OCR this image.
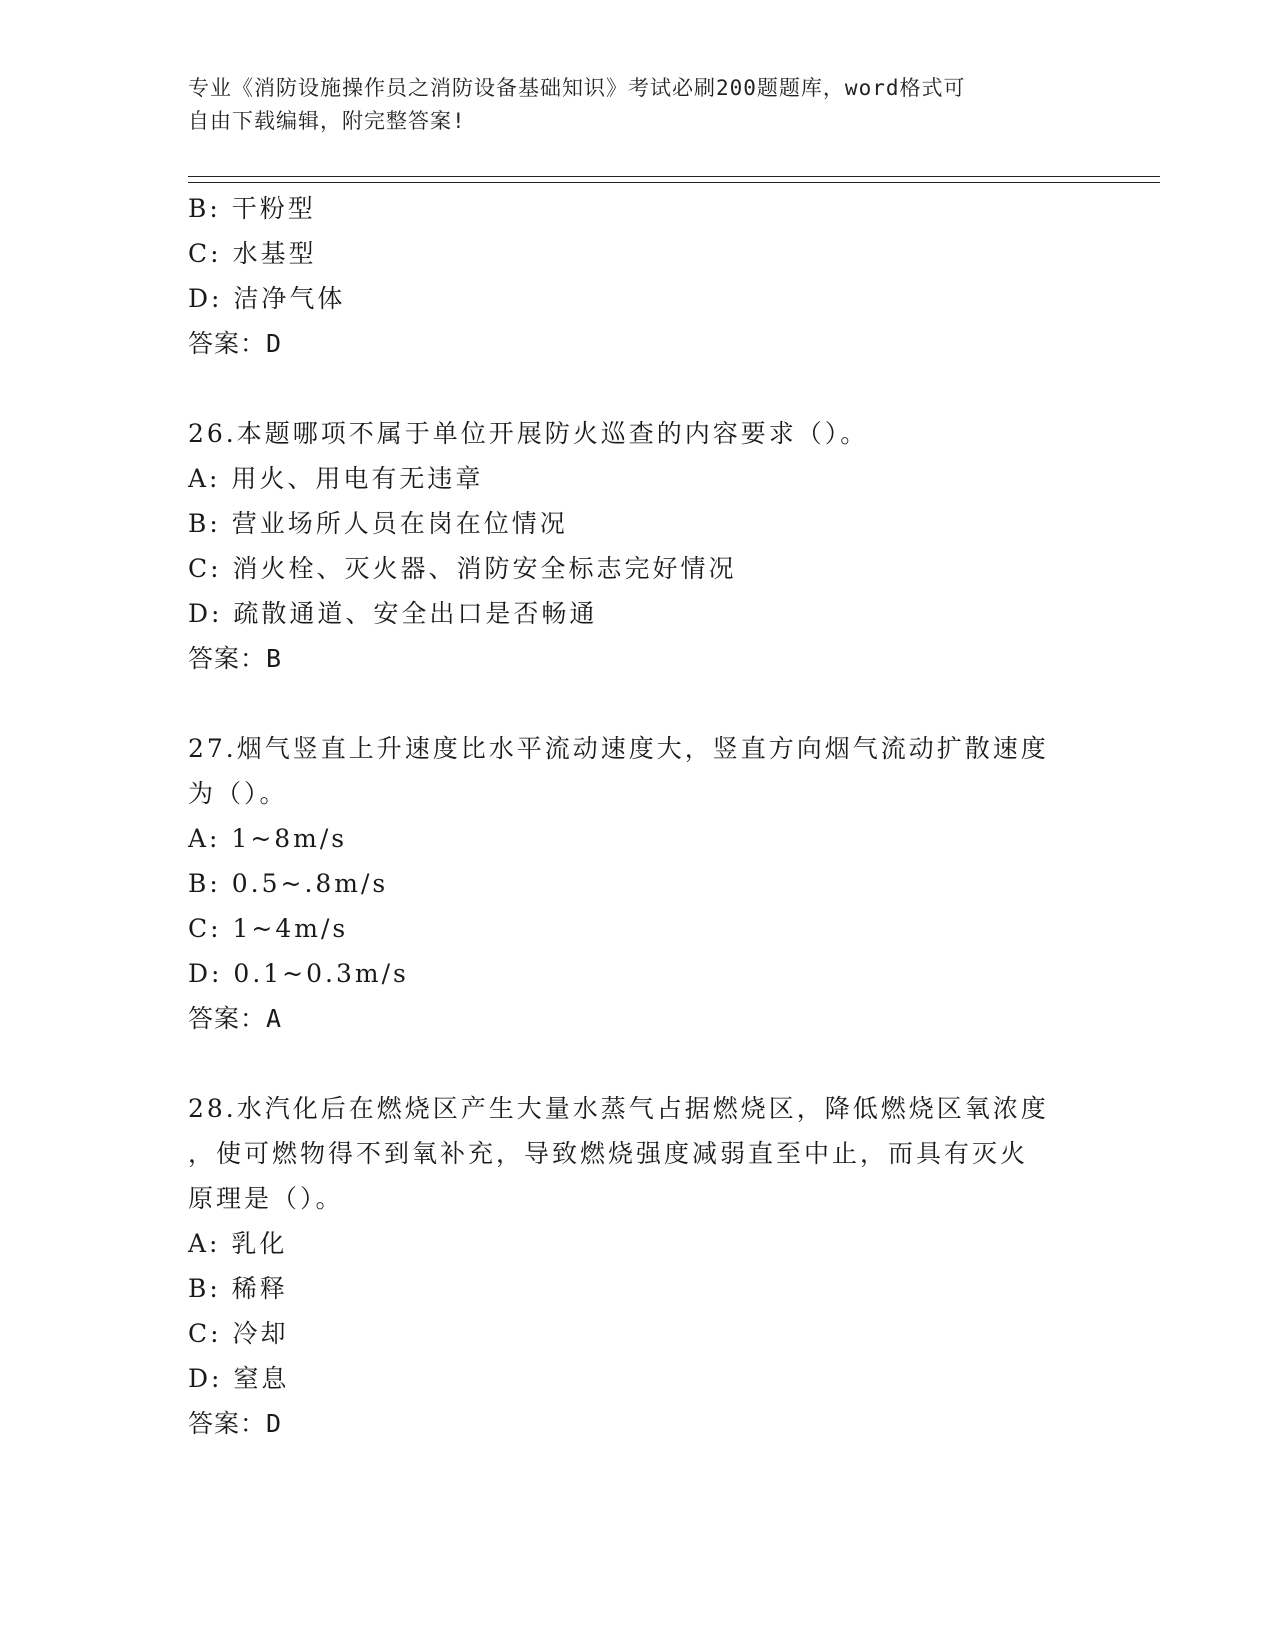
专业《消防设施操作员之消防设备基础知识》考试必刷200题题库，word格式可
自由下载编辑，附完整答案!
B: 干粉型
C: 水基型
D: 洁净气体
答案：D
26.本题哪项不属于单位开展防火巡查的内容要求（）。
A: 用火、用电有无违章
B: 营业场所人员在岗在位情况
C: 消火栓、灭火器、消防安全标志完好情况
D: 疏散通道、安全出口是否畅通
答案：B
27.烟气竖直上升速度比水平流动速度大，竖直方向烟气流动扩散速度
为（）。
A: 1~8m/s
B: 0.5~.8m/s
C: 1~4m/s
D: 0.1~0.3m/s
答案：A
28.水汽化后在燃烧区产生大量水蒸气占据燃烧区，降低燃烧区氧浓度
，使可燃物得不到氧补充，导致燃烧强度减弱直至中止，而具有灭火
原理是（）。
A: 乳化
B: 稀释
C: 冷却
D: 窒息
答案：D
